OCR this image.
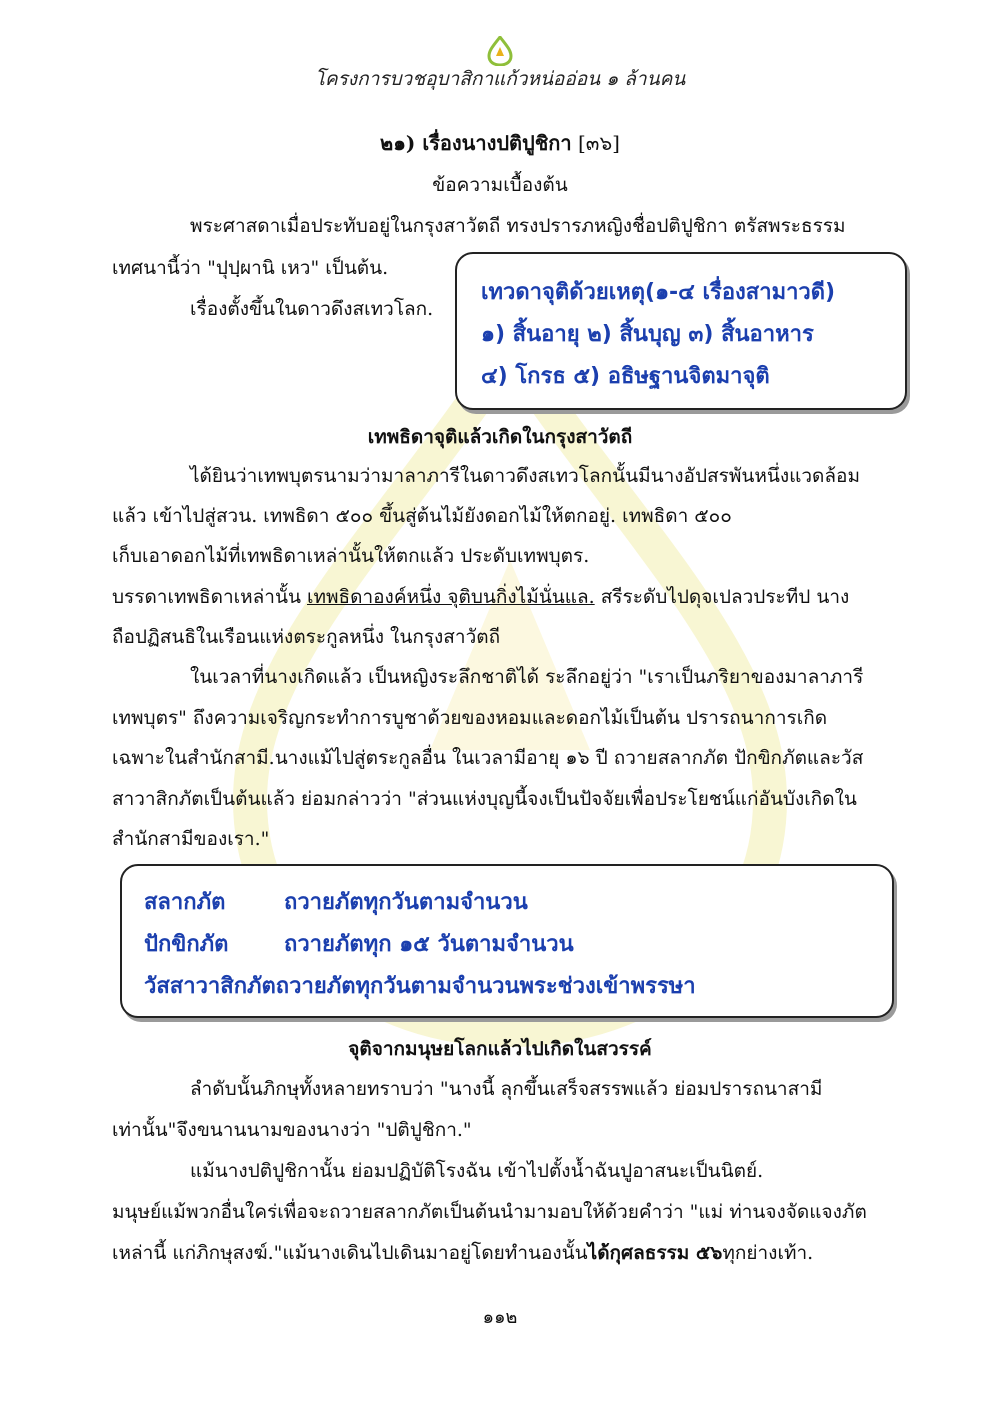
โครงการบวชอุบาสิกาแก้วหน่ออ่อน ๑ ล้านคน
๒๑) เรื่องนางปติปูชิกา [๓๖]
ข้อความเบื้องต้น
พระศาสดาเมื่อประทับอยู่ในกรุงสาวัตถี ทรงปรารภหญิงชื่อปติปูชิกา ตรัสพระธรรม
เทศนานี้ว่า "ปุปฺผานิ เหว" เป็นต้น.
เรื่องตั้งขึ้นในดาวดึงสเทวโลก.
เทวดาจุติด้วยเหตุ(๑-๔ เรื่องสามาวดี)
๑) สิ้นอายุ ๒) สิ้นบุญ ๓) สิ้นอาหาร
๔) โกรธ ๕) อธิษฐานจิตมาจุติ
เทพธิดาจุติแล้วเกิดในกรุงสาวัตถี
ได้ยินว่าเทพบุตรนามว่ามาลาภารีในดาวดึงสเทวโลกนั้นมีนางอัปสรพันหนึ่งแวดล้อม
แล้ว เข้าไปสู่สวน. เทพธิดา ๕๐๐ ขึ้นสู่ต้นไม้ยังดอกไม้ให้ตกอยู่. เทพธิดา ๕๐๐
เก็บเอาดอกไม้ที่เทพธิดาเหล่านั้นให้ตกแล้ว ประดับเทพบุตร.
บรรดาเทพธิดาเหล่านั้น เทพธิดาองค์หนึ่ง จุติบนกิ่งไม้นั่นแล. สรีระดับไปดุจเปลวประทีป นาง
ถือปฏิสนธิในเรือนแห่งตระกูลหนึ่ง ในกรุงสาวัตถี
ในเวลาที่นางเกิดแล้ว เป็นหญิงระลึกชาติได้ ระลึกอยู่ว่า "เราเป็นภริยาของมาลาภารี
เทพบุตร" ถึงความเจริญกระทำการบูชาด้วยของหอมและดอกไม้เป็นต้น ปรารถนาการเกิด
เฉพาะในสำนักสามี.นางแม้ไปสู่ตระกูลอื่น ในเวลามีอายุ ๑๖ ปี ถวายสลากภัต ปักขิกภัตและวัส
สาวาสิกภัตเป็นต้นแล้ว ย่อมกล่าวว่า "ส่วนแห่งบุญนี้จงเป็นปัจจัยเพื่อประโยชน์แก่อันบังเกิดใน
สำนักสามีของเรา."
สลากภัต	ถวายภัตทุกวันตามจำนวน
ปักขิกภัต	ถวายภัตทุก ๑๕ วันตามจำนวน
วัสสาวาสิกภัตถวายภัตทุกวันตามจำนวนพระช่วงเข้าพรรษา
จุติจากมนุษยโลกแล้วไปเกิดในสวรรค์
ลำดับนั้นภิกษุทั้งหลายทราบว่า "นางนี้ ลุกขึ้นเสร็จสรรพแล้ว ย่อมปรารถนาสามี
เท่านั้น"จึงขนานนามของนางว่า "ปติปูชิกา."
แม้นางปติปูชิกานั้น ย่อมปฏิบัติโรงฉัน เข้าไปตั้งน้ำฉันปูอาสนะเป็นนิตย์.
มนุษย์แม้พวกอื่นใคร่เพื่อจะถวายสลากภัตเป็นต้นนำมามอบให้ด้วยคำว่า "แม่ ท่านจงจัดแจงภัต
เหล่านี้ แก่ภิกษุสงฆ์."แม้นางเดินไปเดินมาอยู่โดยทำนองนั้นได้กุศลธรรม ๕๖ทุกย่างเท้า.
๑๑๒
